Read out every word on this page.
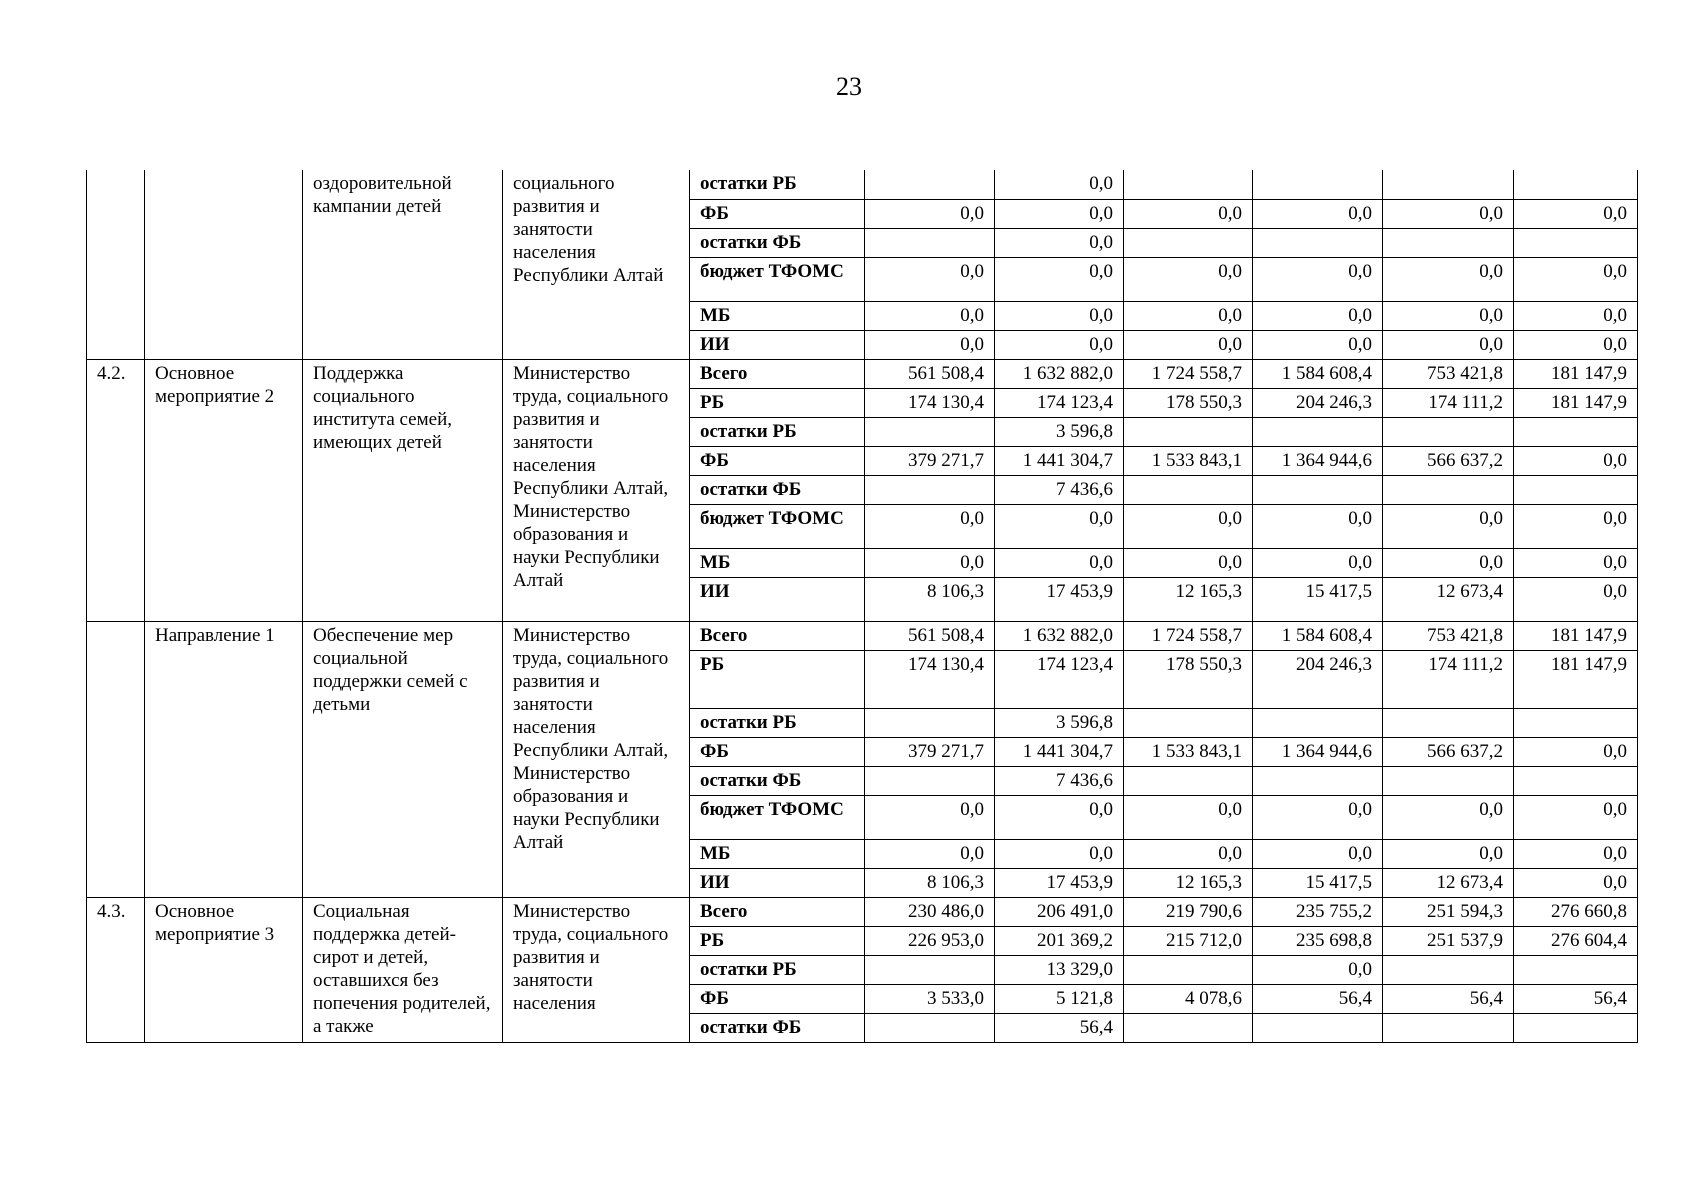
23
		оздоровительной кампании детей	социального развития и занятости населения Республики Алтай	остатки РБ		0,0				
				ФБ	0,0	0,0	0,0	0,0	0,0	0,0
				остатки ФБ		0,0				
				бюджет ТФОМС	0,0	0,0	0,0	0,0	0,0	0,0
				МБ	0,0	0,0	0,0	0,0	0,0	0,0
				ИИ	0,0	0,0	0,0	0,0	0,0	0,0
4.2.	Основное мероприятие 2	Поддержка социального института семей, имеющих детей	Министерство труда, социального развития и занятости населения Республики Алтай, Министерство образования и науки Республики Алтай	Всего	561 508,4	1 632 882,0	1 724 558,7	1 584 608,4	753 421,8	181 147,9
				РБ	174 130,4	174 123,4	178 550,3	204 246,3	174 111,2	181 147,9
				остатки РБ		3 596,8				
				ФБ	379 271,7	1 441 304,7	1 533 843,1	1 364 944,6	566 637,2	0,0
				остатки ФБ		7 436,6				
				бюджет ТФОМС	0,0	0,0	0,0	0,0	0,0	0,0
				МБ	0,0	0,0	0,0	0,0	0,0	0,0
				ИИ	8 106,3	17 453,9	12 165,3	15 417,5	12 673,4	0,0
	Направление 1	Обеспечение мер социальной поддержки семей с детьми	Министерство труда, социального развития и занятости населения Республики Алтай, Министерство образования и науки Республики Алтай	Всего	561 508,4	1 632 882,0	1 724 558,7	1 584 608,4	753 421,8	181 147,9
				РБ	174 130,4	174 123,4	178 550,3	204 246,3	174 111,2	181 147,9
				остатки РБ		3 596,8				
				ФБ	379 271,7	1 441 304,7	1 533 843,1	1 364 944,6	566 637,2	0,0
				остатки ФБ		7 436,6				
				бюджет ТФОМС	0,0	0,0	0,0	0,0	0,0	0,0
				МБ	0,0	0,0	0,0	0,0	0,0	0,0
				ИИ	8 106,3	17 453,9	12 165,3	15 417,5	12 673,4	0,0
4.3.	Основное мероприятие 3	Социальная поддержка детей-сирот и детей, оставшихся без попечения родителей, а также	Министерство труда, социального развития и занятости населения	Всего	230 486,0	206 491,0	219 790,6	235 755,2	251 594,3	276 660,8
				РБ	226 953,0	201 369,2	215 712,0	235 698,8	251 537,9	276 604,4
				остатки РБ		13 329,0		0,0		
				ФБ	3 533,0	5 121,8	4 078,6	56,4	56,4	56,4
				остатки ФБ		56,4				
